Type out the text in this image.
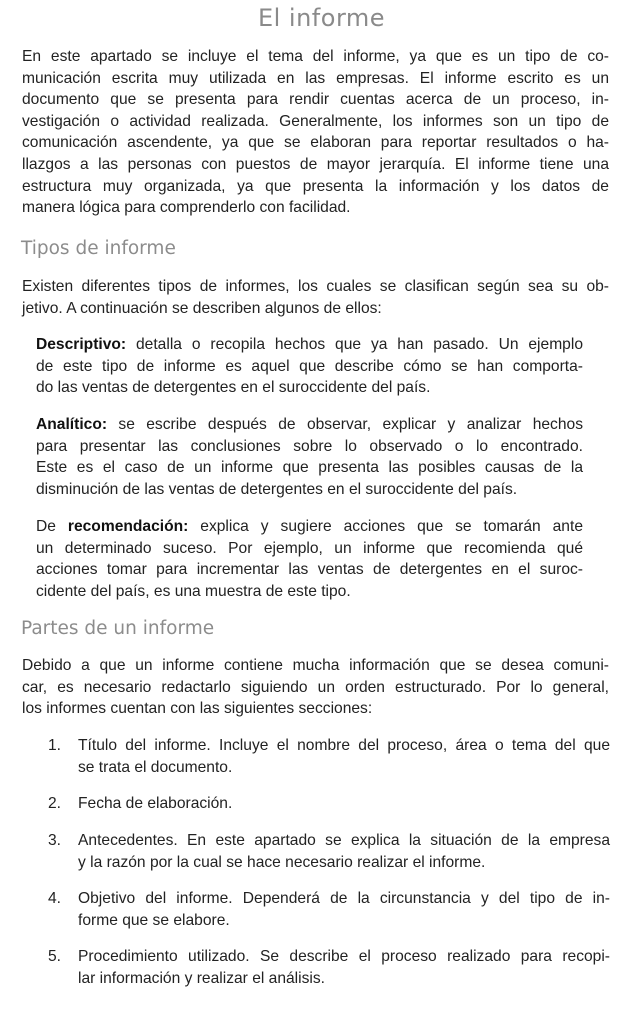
El informe
En este apartado se incluye el tema del informe, ya que es un tipo de co-
municación escrita muy utilizada en las empresas. El informe escrito es un
documento que se presenta para rendir cuentas acerca de un proceso, in-
vestigación o actividad realizada. Generalmente, los informes son un tipo de
comunicación ascendente, ya que se elaboran para reportar resultados o ha-
llazgos a las personas con puestos de mayor jerarquía. El informe tiene una
estructura muy organizada, ya que presenta la información y los datos de
manera lógica para comprenderlo con facilidad.
Tipos de informe
Existen diferentes tipos de informes, los cuales se clasifican según sea su ob-
jetivo. A continuación se describen algunos de ellos:
Descriptivo: detalla o recopila hechos que ya han pasado. Un ejemplo
de este tipo de informe es aquel que describe cómo se han comporta-
do las ventas de detergentes en el suroccidente del país.
Analítico: se escribe después de observar, explicar y analizar hechos
para presentar las conclusiones sobre lo observado o lo encontrado.
Este es el caso de un informe que presenta las posibles causas de la
disminución de las ventas de detergentes en el suroccidente del país.
De recomendación: explica y sugiere acciones que se tomarán ante
un determinado suceso. Por ejemplo, un informe que recomienda qué
acciones tomar para incrementar las ventas de detergentes en el suroc-
cidente del país, es una muestra de este tipo.
Partes de un informe
Debido a que un informe contiene mucha información que se desea comuni-
car, es necesario redactarlo siguiendo un orden estructurado. Por lo general,
los informes cuentan con las siguientes secciones:
1.	Título del informe. Incluye el nombre del proceso, área o tema del que
se trata el documento.
2.	Fecha de elaboración.
3.	Antecedentes. En este apartado se explica la situación de la empresa
y la razón por la cual se hace necesario realizar el informe.
4.	Objetivo del informe. Dependerá de la circunstancia y del tipo de in-
forme que se elabore.
5.	Procedimiento utilizado. Se describe el proceso realizado para recopi-
lar información y realizar el análisis.
